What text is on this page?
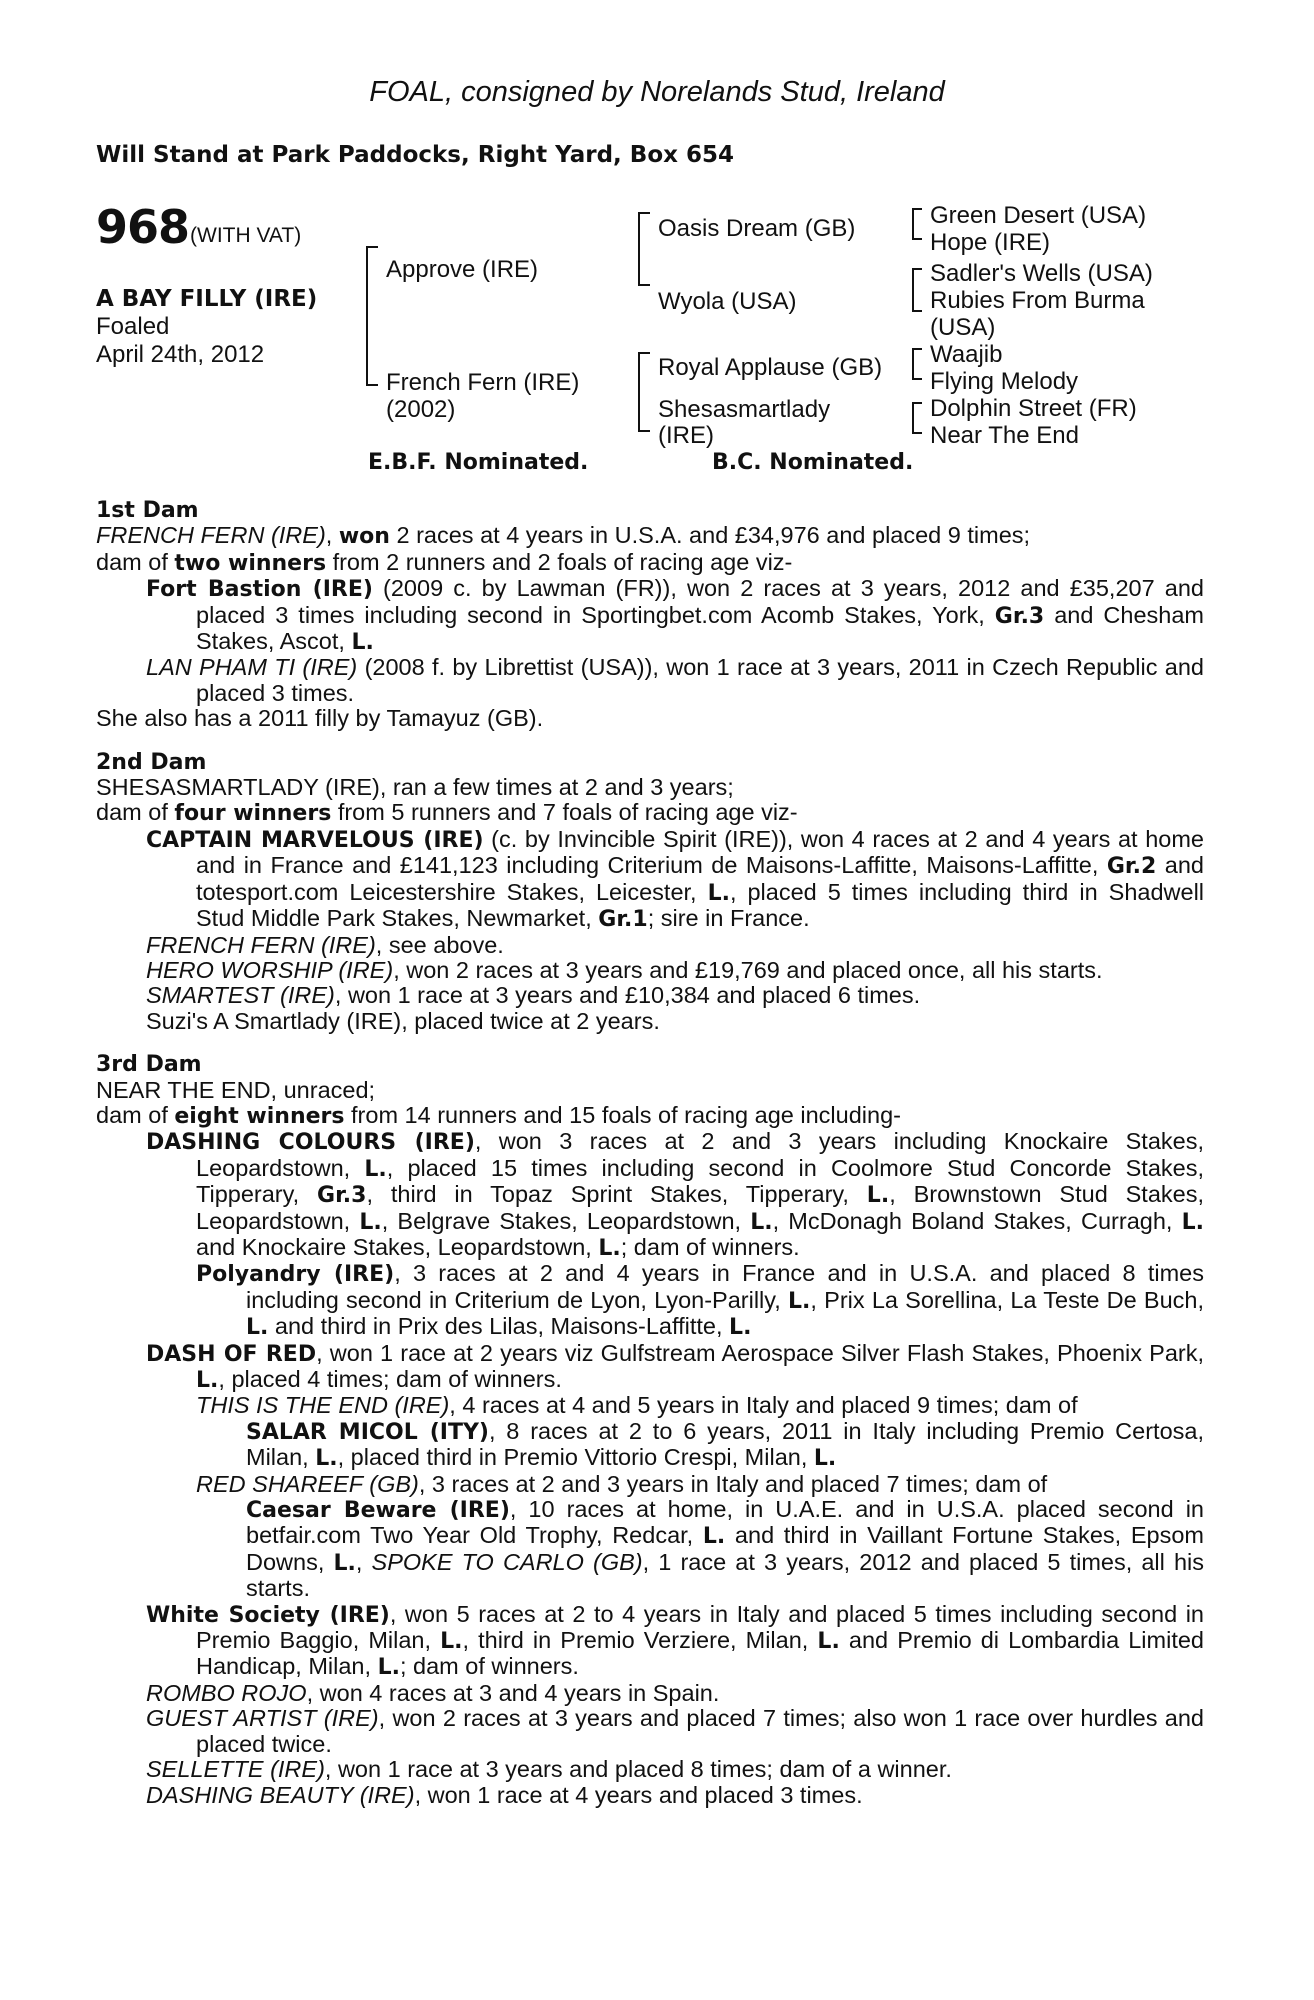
FOAL, consigned by Norelands Stud, Ireland
Will Stand at Park Paddocks, Right Yard, Box 654
968 (WITH VAT)
A BAY FILLY (IRE)
Foaled
April 24th, 2012
Approve (IRE)
French Fern (IRE)
(2002)
Oasis Dream (GB)
Wyola (USA)
Royal Applause (GB)
Shesasmartlady
(IRE)
Green Desert (USA)
Hope (IRE)
Sadler's Wells (USA)
Rubies From Burma
(USA)
Waajib
Flying Melody
Dolphin Street (FR)
Near The End
E.B.F. Nominated.	B.C. Nominated.

1st Dam

FRENCH FERN (IRE), won 2 races at 4 years in U.S.A. and £34,976 and placed 9 times;

dam of two winners from 2 runners and 2 foals of racing age viz-

Fort Bastion (IRE) (2009 c. by Lawman (FR)), won 2 races at 3 years, 2012 and £35,207 and placed 3 times including second in Sportingbet.com Acomb Stakes, York, Gr.3 and Chesham Stakes, Ascot, L.

LAN PHAM TI (IRE) (2008 f. by Librettist (USA)), won 1 race at 3 years, 2011 in Czech Republic and placed 3 times.

She also has a 2011 filly by Tamayuz (GB).

2nd Dam

SHESASMARTLADY (IRE), ran a few times at 2 and 3 years;

dam of four winners from 5 runners and 7 foals of racing age viz-

CAPTAIN MARVELOUS (IRE) (c. by Invincible Spirit (IRE)), won 4 races at 2 and 4 years at home and in France and £141,123 including Criterium de Maisons-Laffitte, Maisons-Laffitte, Gr.2 and totesport.com Leicestershire Stakes, Leicester, L., placed 5 times including third in Shadwell Stud Middle Park Stakes, Newmarket, Gr.1; sire in France.

FRENCH FERN (IRE), see above.

HERO WORSHIP (IRE), won 2 races at 3 years and £19,769 and placed once, all his starts.

SMARTEST (IRE), won 1 race at 3 years and £10,384 and placed 6 times.

Suzi's A Smartlady (IRE), placed twice at 2 years.

3rd Dam

NEAR THE END, unraced;

dam of eight winners from 14 runners and 15 foals of racing age including-

DASHING COLOURS (IRE), won 3 races at 2 and 3 years including Knockaire Stakes, Leopardstown, L., placed 15 times including second in Coolmore Stud Concorde Stakes, Tipperary, Gr.3, third in Topaz Sprint Stakes, Tipperary, L., Brownstown Stud Stakes, Leopardstown, L., Belgrave Stakes, Leopardstown, L., McDonagh Boland Stakes, Curragh, L. and Knockaire Stakes, Leopardstown, L.; dam of winners.

Polyandry (IRE), 3 races at 2 and 4 years in France and in U.S.A. and placed 8 times including second in Criterium de Lyon, Lyon-Parilly, L., Prix La Sorellina, La Teste De Buch, L. and third in Prix des Lilas, Maisons-Laffitte, L.

DASH OF RED, won 1 race at 2 years viz Gulfstream Aerospace Silver Flash Stakes, Phoenix Park, L., placed 4 times; dam of winners.

THIS IS THE END (IRE), 4 races at 4 and 5 years in Italy and placed 9 times; dam of

SALAR MICOL (ITY), 8 races at 2 to 6 years, 2011 in Italy including Premio Certosa, Milan, L., placed third in Premio Vittorio Crespi, Milan, L.

RED SHAREEF (GB), 3 races at 2 and 3 years in Italy and placed 7 times; dam of

Caesar Beware (IRE), 10 races at home, in U.A.E. and in U.S.A. placed second in betfair.com Two Year Old Trophy, Redcar, L. and third in Vaillant Fortune Stakes, Epsom Downs, L., SPOKE TO CARLO (GB), 1 race at 3 years, 2012 and placed 5 times, all his starts.

White Society (IRE), won 5 races at 2 to 4 years in Italy and placed 5 times including second in Premio Baggio, Milan, L., third in Premio Verziere, Milan, L. and Premio di Lombardia Limited Handicap, Milan, L.; dam of winners.

ROMBO ROJO, won 4 races at 3 and 4 years in Spain.

GUEST ARTIST (IRE), won 2 races at 3 years and placed 7 times; also won 1 race over hurdles and placed twice.

SELLETTE (IRE), won 1 race at 3 years and placed 8 times; dam of a winner.

DASHING BEAUTY (IRE), won 1 race at 4 years and placed 3 times.
